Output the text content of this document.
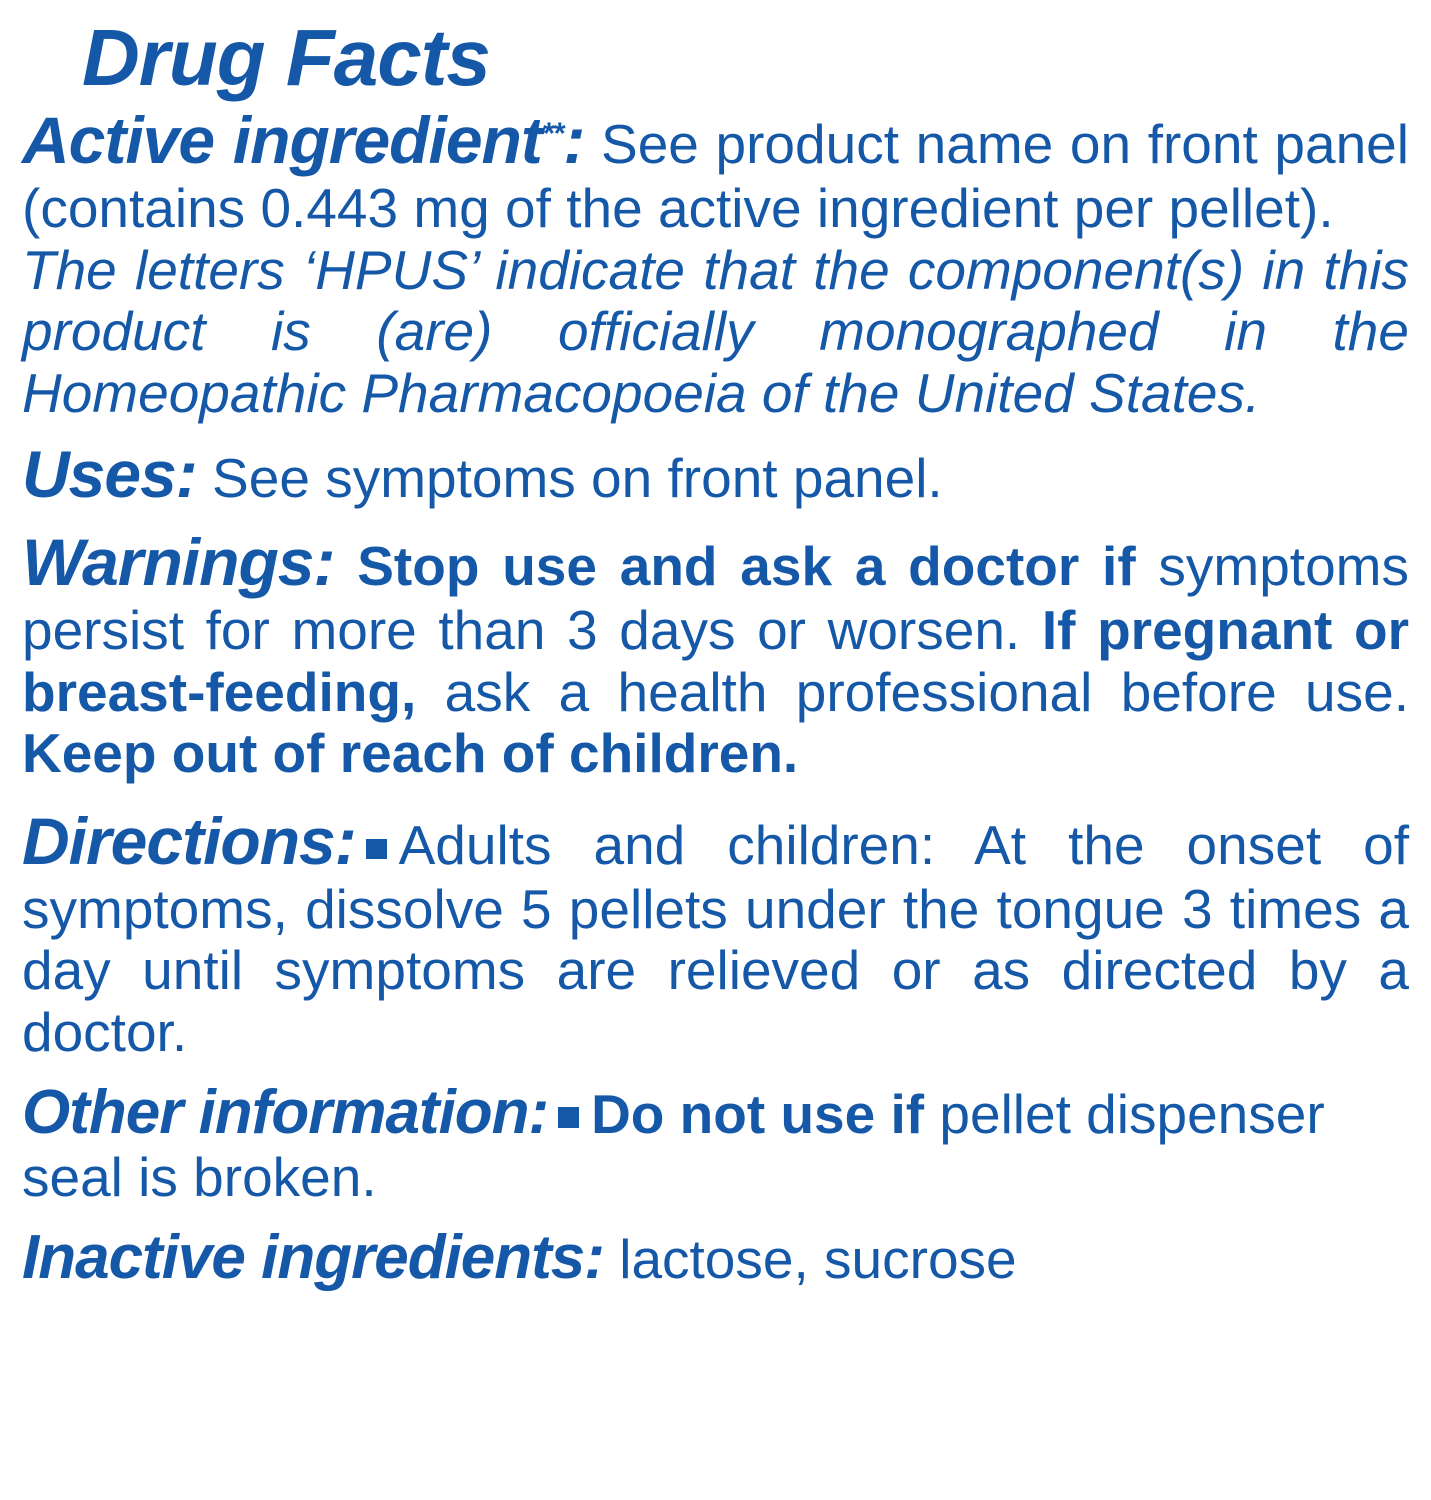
Drug Facts

Active ingredient**: See product name on front panel (contains 0.443 mg of the active ingredient per pellet).

The letters ‘HPUS’ indicate that the component(s) in this product is (are) officially monographed in the Homeopathic Pharmacopoeia of the United States.

Uses: See symptoms on front panel.

Warnings: Stop use and ask a doctor if symptoms persist for more than 3 days or worsen. If pregnant or breast-feeding, ask a health professional before use. Keep out of reach of children.

Directions: Adults and children: At the onset of symptoms, dissolve 5 pellets under the tongue 3 times a day until symptoms are relieved or as directed by a doctor.

Other information: Do not use if pellet dispenser seal is broken.

Inactive ingredients: lactose, sucrose
